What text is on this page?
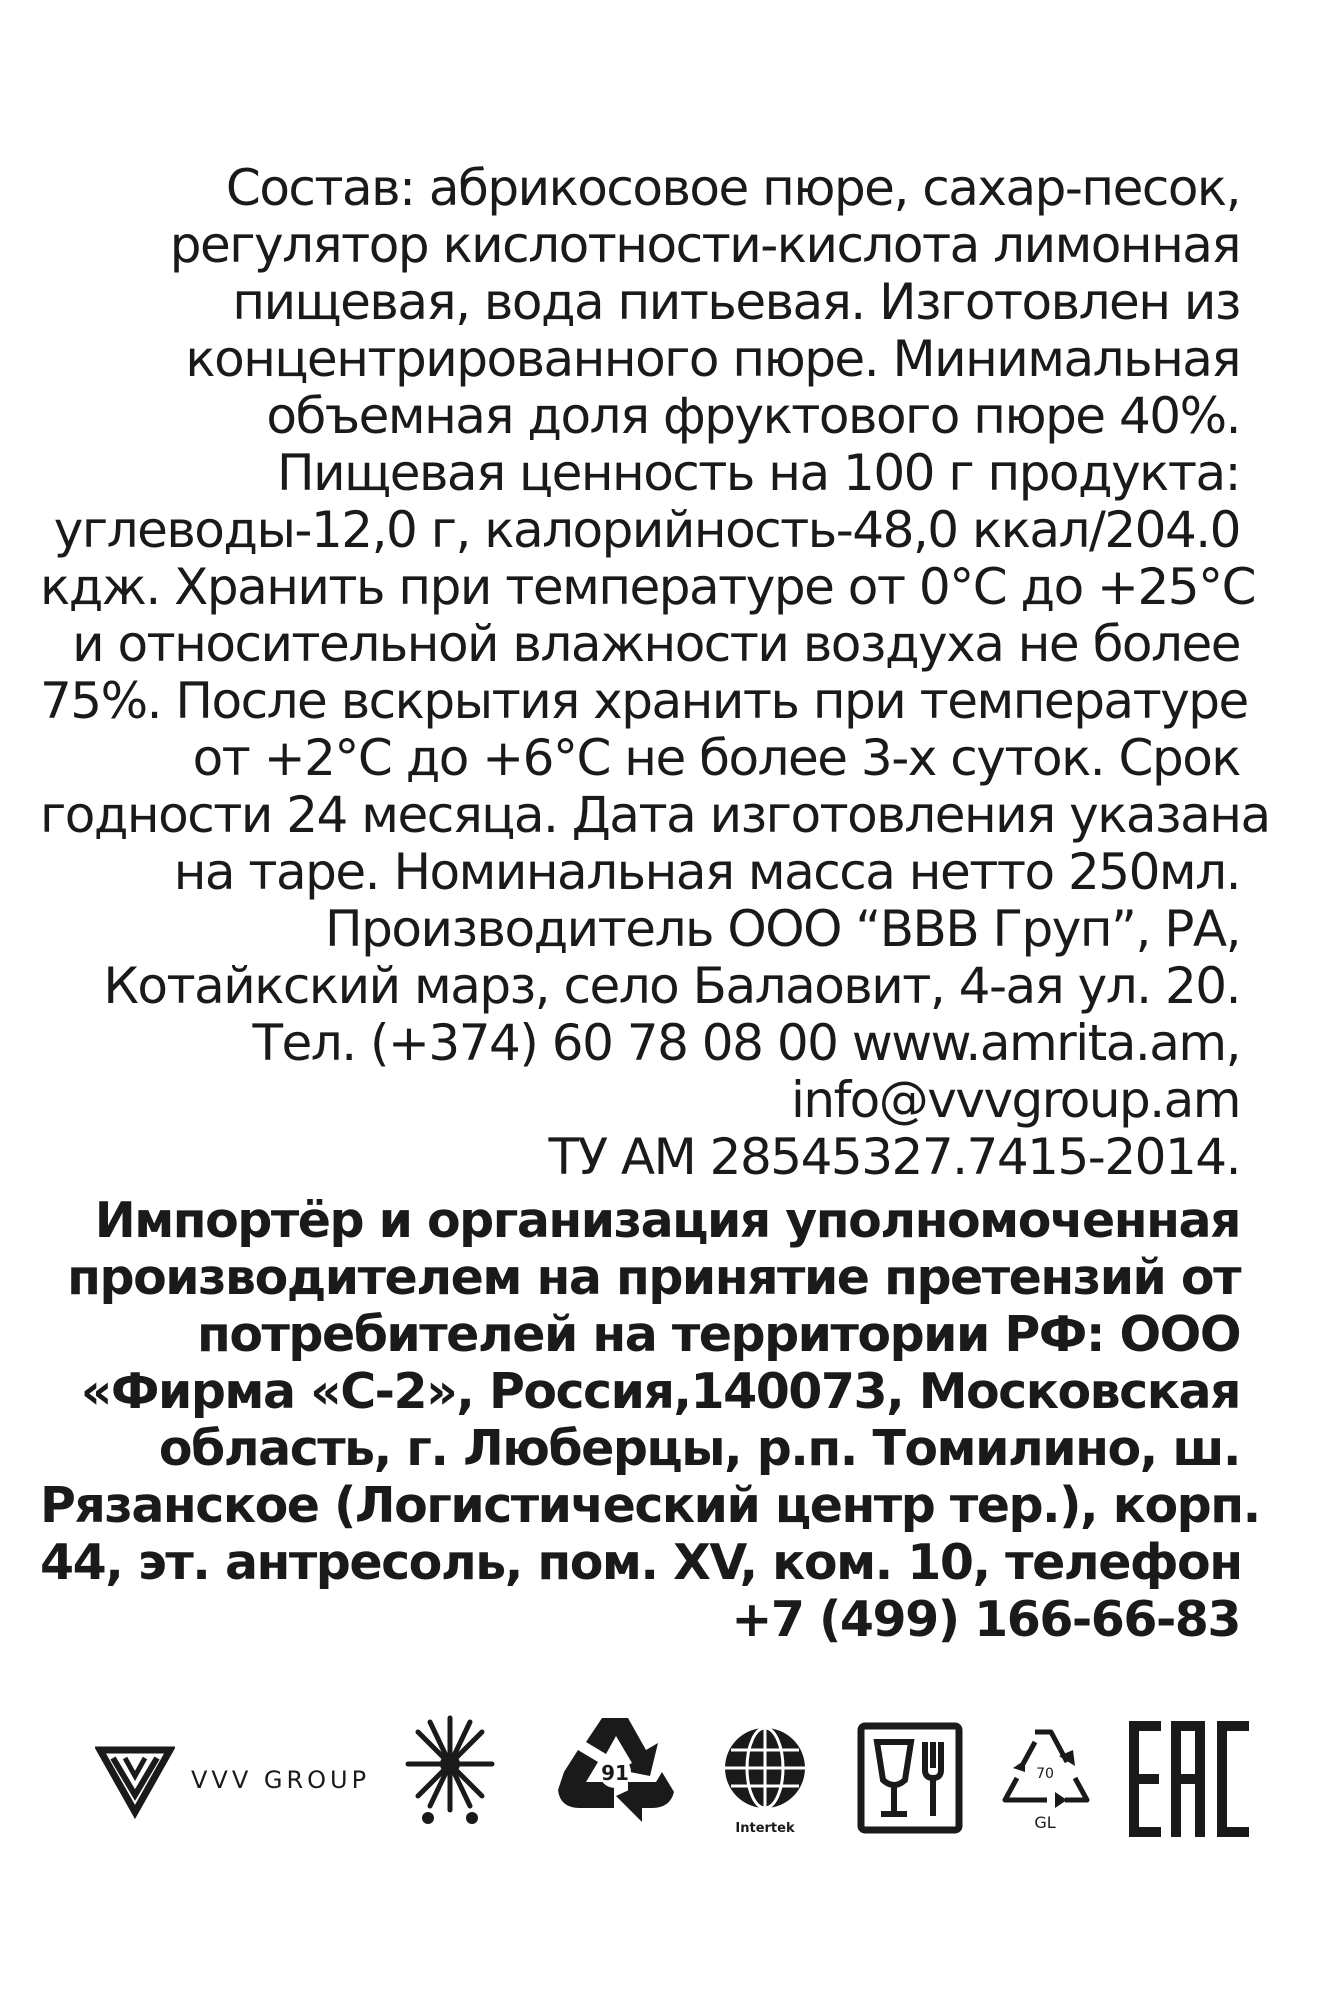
Состав: абрикосовое пюре, сахар-песок,
регулятор кислотности-кислота лимонная
пищевая, вода питьевая. Изготовлен из
концентрированного пюре. Минимальная
объемная доля фруктового пюре 40%.
Пищевая ценность на 100 г продукта:
углеводы-12,0 г, калорийность-48,0 ккал/204.0
кдж. Хранить при температуре от 0°C до +25°C
и относительной влажности воздуха не более
75%. После вскрытия хранить при температуре
от +2°C до +6°C не более 3-х суток. Срок
годности 24 месяца. Дата изготовления указана
на таре. Номинальная масса нетто 250мл.
Производитель ООО “ВВВ Груп”, РА,
Котайкский марз, село Балаовит, 4-ая ул. 20.
Тел. (+374) 60 78 08 00 www.amrita.am,
info@vvvgroup.am
ТУ АМ 28545327.7415-2014.
Импортёр и организация уполномоченная
производителем на принятие претензий от
потребителей на территории РФ: ООО
«Фирма «С-2», Россия,140073, Московская
область, г. Люберцы, р.п. Томилино, ш.
Рязанское (Логистический центр тер.), корп.
44, эт. антресоль, пом. XV, ком. 10, телефон
+7 (499) 166-66-83
VVV GROUP	91
Intertek
70
GL
